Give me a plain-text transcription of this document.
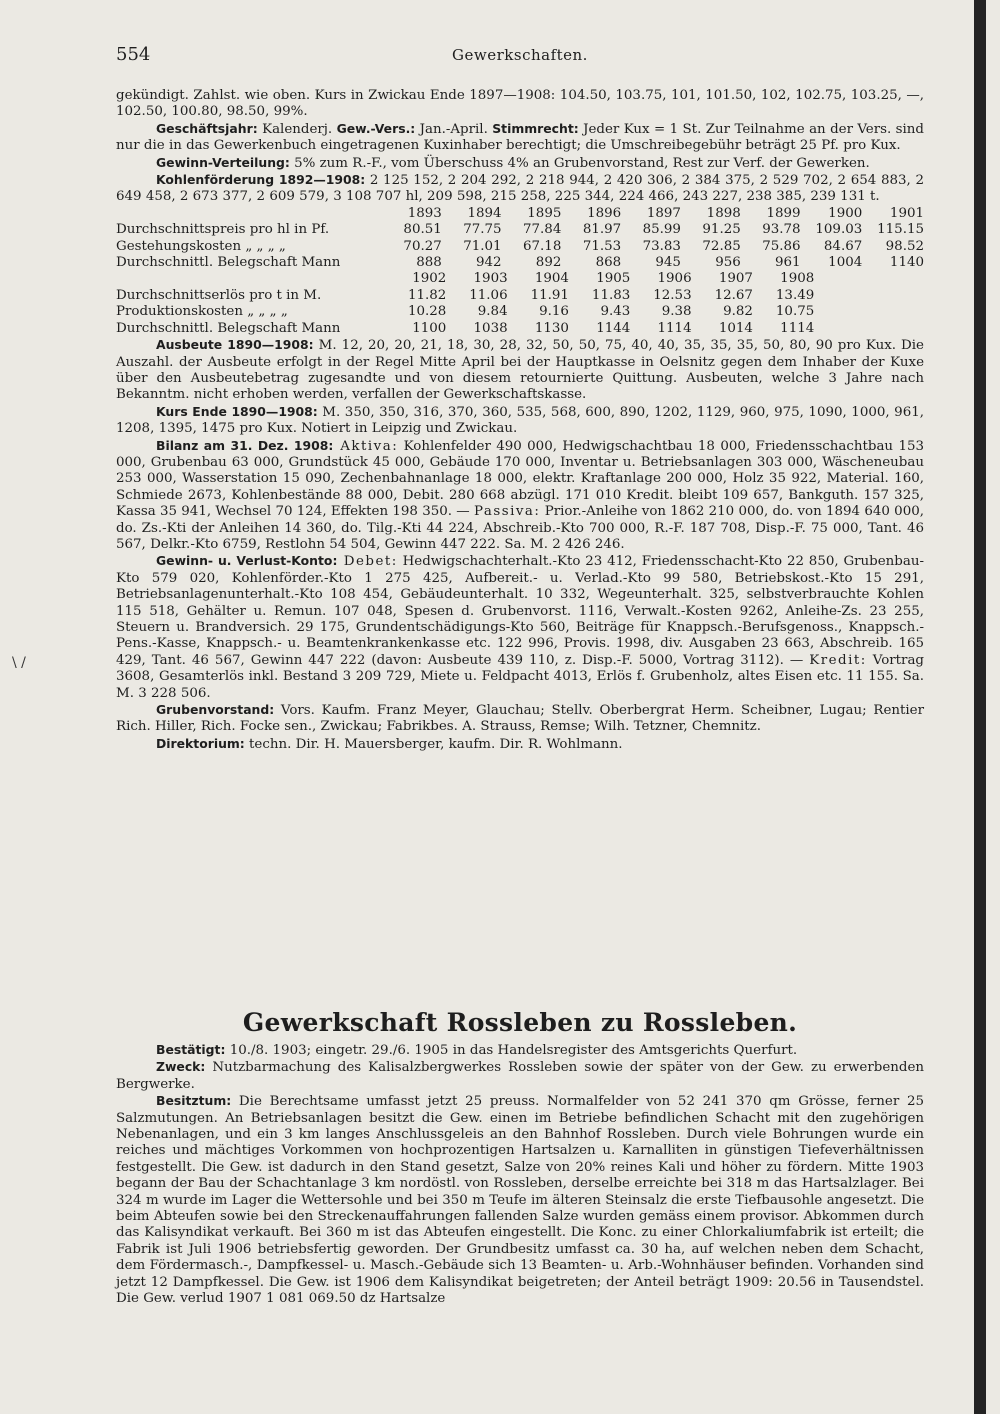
\ /
554	Gewerkschaften.

gekündigt. Zahlst. wie oben. Kurs in Zwickau Ende 1897—1908: 104.50, 103.75, 101, 101.50, 102, 102.75, 103.25, —, 102.50, 100.80, 98.50, 99%.

Geschäftsjahr: Kalenderj. Gew.-Vers.: Jan.-April. Stimmrecht: Jeder Kux = 1 St. Zur Teilnahme an der Vers. sind nur die in das Gewerkenbuch eingetragenen Kuxinhaber berechtigt; die Umschreibegebühr beträgt 25 Pf. pro Kux.

Gewinn-Verteilung: 5% zum R.-F., vom Überschuss 4% an Grubenvorstand, Rest zur Verf. der Gewerken.

Kohlenförderung 1892—1908: 2 125 152, 2 204 292, 2 218 944, 2 420 306, 2 384 375, 2 529 702, 2 654 883, 2 649 458, 2 673 377, 2 609 579, 3 108 707 hl, 209 598, 215 258, 225 344, 224 466, 243 227, 238 385, 239 131 t.

	1893	1894	1895	1896	1897	1898	1899	1900	1901
Durchschnittspreis pro hl in Pf.	80.51	77.75	77.84	81.97	85.99	91.25	93.78	109.03	115.15
Gestehungskosten „ „ „ „	70.27	71.01	67.18	71.53	73.83	72.85	75.86	84.67	98.52
Durchschnittl. Belegschaft Mann	888	942	892	868	945	956	961	1004	1140
	1902	1903	1904	1905	1906	1907	1908		
Durchschnittserlös pro t in M.	11.82	11.06	11.91	11.83	12.53	12.67	13.49		
Produktionskosten „ „ „ „	10.28	9.84	9.16	9.43	9.38	9.82	10.75		
Durchschnittl. Belegschaft Mann	1100	1038	1130	1144	1114	1014	1114		

Ausbeute 1890—1908: M. 12, 20, 20, 21, 18, 30, 28, 32, 50, 50, 75, 40, 40, 35, 35, 35, 50, 80, 90 pro Kux. Die Auszahl. der Ausbeute erfolgt in der Regel Mitte April bei der Hauptkasse in Oelsnitz gegen dem Inhaber der Kuxe über den Ausbeutebetrag zugesandte und von diesem retournierte Quittung. Ausbeuten, welche 3 Jahre nach Bekanntm. nicht erhoben werden, verfallen der Gewerkschaftskasse.

Kurs Ende 1890—1908: M. 350, 350, 316, 370, 360, 535, 568, 600, 890, 1202, 1129, 960, 975, 1090, 1000, 961, 1208, 1395, 1475 pro Kux. Notiert in Leipzig und Zwickau.

Bilanz am 31. Dez. 1908: Aktiva: Kohlenfelder 490 000, Hedwigschachtbau 18 000, Friedensschachtbau 153 000, Grubenbau 63 000, Grundstück 45 000, Gebäude 170 000, Inventar u. Betriebsanlagen 303 000, Wäscheneubau 253 000, Wasserstation 15 090, Zechenbahnanlage 18 000, elektr. Kraftanlage 200 000, Holz 35 922, Material. 160, Schmiede 2673, Kohlenbestände 88 000, Debit. 280 668 abzügl. 171 010 Kredit. bleibt 109 657, Bankguth. 157 325, Kassa 35 941, Wechsel 70 124, Effekten 198 350. — Passiva: Prior.-Anleihe von 1862 210 000, do. von 1894 640 000, do. Zs.-Kti der Anleihen 14 360, do. Tilg.-Kti 44 224, Abschreib.-Kto 700 000, R.-F. 187 708, Disp.-F. 75 000, Tant. 46 567, Delkr.-Kto 6759, Restlohn 54 504, Gewinn 447 222. Sa. M. 2 426 246.

Gewinn- u. Verlust-Konto: Debet: Hedwigschachterhalt.-Kto 23 412, Friedensschacht-Kto 22 850, Grubenbau-Kto 579 020, Kohlenförder.-Kto 1 275 425, Aufbereit.- u. Verlad.-Kto 99 580, Betriebskost.-Kto 15 291, Betriebsanlagenunterhalt.-Kto 108 454, Gebäudeunterhalt. 10 332, Wegeunterhalt. 325, selbstverbrauchte Kohlen 115 518, Gehälter u. Remun. 107 048, Spesen d. Grubenvorst. 1116, Verwalt.-Kosten 9262, Anleihe-Zs. 23 255, Steuern u. Brandversich. 29 175, Grundentschädigungs-Kto 560, Beiträge für Knappsch.-Berufsgenoss., Knappsch.-Pens.-Kasse, Knappsch.- u. Beamtenkrankenkasse etc. 122 996, Provis. 1998, div. Ausgaben 23 663, Abschreib. 165 429, Tant. 46 567, Gewinn 447 222 (davon: Ausbeute 439 110, z. Disp.-F. 5000, Vortrag 3112). — Kredit: Vortrag 3608, Gesamterlös inkl. Bestand 3 209 729, Miete u. Feldpacht 4013, Erlös f. Grubenholz, altes Eisen etc. 11 155. Sa. M. 3 228 506.

Grubenvorstand: Vors. Kaufm. Franz Meyer, Glauchau; Stellv. Oberbergrat Herm. Scheibner, Lugau; Rentier Rich. Hiller, Rich. Focke sen., Zwickau; Fabrikbes. A. Strauss, Remse; Wilh. Tetzner, Chemnitz.

Direktorium: techn. Dir. H. Mauersberger, kaufm. Dir. R. Wohlmann.

Gewerkschaft Rossleben zu Rossleben.

Bestätigt: 10./8. 1903; eingetr. 29./6. 1905 in das Handelsregister des Amtsgerichts Querfurt.

Zweck: Nutzbarmachung des Kalisalzbergwerkes Rossleben sowie der später von der Gew. zu erwerbenden Bergwerke.

Besitztum: Die Berechtsame umfasst jetzt 25 preuss. Normalfelder von 52 241 370 qm Grösse, ferner 25 Salzmutungen. An Betriebsanlagen besitzt die Gew. einen im Betriebe befindlichen Schacht mit den zugehörigen Nebenanlagen, und ein 3 km langes Anschlussgeleis an den Bahnhof Rossleben. Durch viele Bohrungen wurde ein reiches und mächtiges Vorkommen von hochprozentigen Hartsalzen u. Karnalliten in günstigen Tiefeverhältnissen festgestellt. Die Gew. ist dadurch in den Stand gesetzt, Salze von 20% reines Kali und höher zu fördern. Mitte 1903 begann der Bau der Schachtanlage 3 km nordöstl. von Rossleben, derselbe erreichte bei 318 m das Hartsalzlager. Bei 324 m wurde im Lager die Wettersohle und bei 350 m Teufe im älteren Steinsalz die erste Tiefbausohle angesetzt. Die beim Abteufen sowie bei den Streckenauffahrungen fallenden Salze wurden gemäss einem provisor. Abkommen durch das Kalisyndikat verkauft. Bei 360 m ist das Abteufen eingestellt. Die Konc. zu einer Chlorkaliumfabrik ist erteilt; die Fabrik ist Juli 1906 betriebsfertig geworden. Der Grundbesitz umfasst ca. 30 ha, auf welchen neben dem Schacht, dem Fördermasch.-, Dampfkessel- u. Masch.-Gebäude sich 13 Beamten- u. Arb.-Wohnhäuser befinden. Vorhanden sind jetzt 12 Dampfkessel. Die Gew. ist 1906 dem Kalisyndikat beigetreten; der Anteil beträgt 1909: 20.56 in Tausendstel. Die Gew. verlud 1907 1 081 069.50 dz Hartsalze
